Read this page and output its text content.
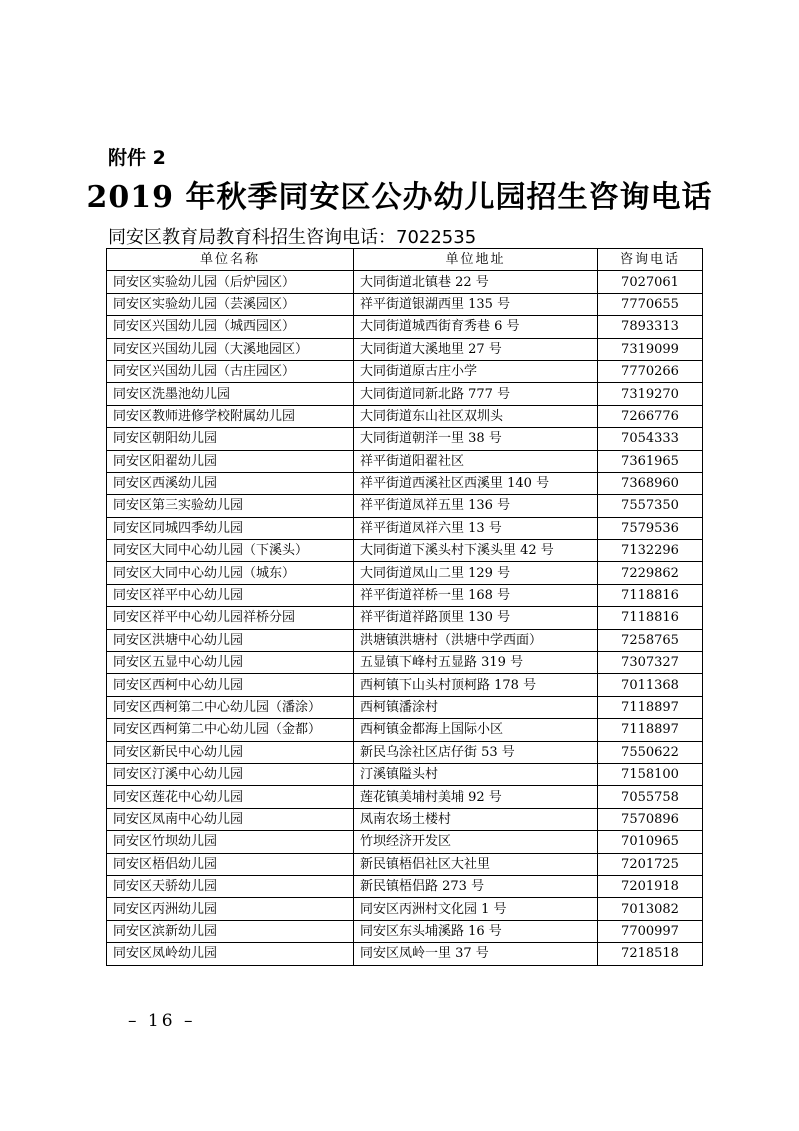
附件 2
2019 年秋季同安区公办幼儿园招生咨询电话
同安区教育局教育科招生咨询电话：7022535
单位名称	单位地址	咨询电话
同安区实验幼儿园（后炉园区）	大同街道北镇巷 22 号	7027061
同安区实验幼儿园（芸溪园区）	祥平街道银湖西里 135 号	7770655
同安区兴国幼儿园（城西园区）	大同街道城西街育秀巷 6 号	7893313
同安区兴国幼儿园（大溪地园区）	大同街道大溪地里 27 号	7319099
同安区兴国幼儿园（古庄园区）	大同街道原古庄小学	7770266
同安区洗墨池幼儿园	大同街道同新北路 777 号	7319270
同安区教师进修学校附属幼儿园	大同街道东山社区双圳头	7266776
同安区朝阳幼儿园	大同街道朝洋一里 38 号	7054333
同安区阳翟幼儿园	祥平街道阳翟社区	7361965
同安区西溪幼儿园	祥平街道西溪社区西溪里 140 号	7368960
同安区第三实验幼儿园	祥平街道凤祥五里 136 号	7557350
同安区同城四季幼儿园	祥平街道凤祥六里 13 号	7579536
同安区大同中心幼儿园（下溪头）	大同街道下溪头村下溪头里 42 号	7132296
同安区大同中心幼儿园（城东）	大同街道凤山二里 129 号	7229862
同安区祥平中心幼儿园	祥平街道祥桥一里 168 号	7118816
同安区祥平中心幼儿园祥桥分园	祥平街道祥路顶里 130 号	7118816
同安区洪塘中心幼儿园	洪塘镇洪塘村（洪塘中学西面）	7258765
同安区五显中心幼儿园	五显镇下峰村五显路 319 号	7307327
同安区西柯中心幼儿园	西柯镇下山头村顶柯路 178 号	7011368
同安区西柯第二中心幼儿园（潘涂）	西柯镇潘涂村	7118897
同安区西柯第二中心幼儿园（金都）	西柯镇金都海上国际小区	7118897
同安区新民中心幼儿园	新民乌涂社区店仔街 53 号	7550622
同安区汀溪中心幼儿园	汀溪镇隘头村	7158100
同安区莲花中心幼儿园	莲花镇美埔村美埔 92 号	7055758
同安区凤南中心幼儿园	凤南农场土楼村	7570896
同安区竹坝幼儿园	竹坝经济开发区	7010965
同安区梧侣幼儿园	新民镇梧侣社区大社里	7201725
同安区天骄幼儿园	新民镇梧侣路 273 号	7201918
同安区丙洲幼儿园	同安区丙洲村文化园 1 号	7013082
同安区滨新幼儿园	同安区东头埔溪路 16 号	7700997
同安区凤岭幼儿园	同安区凤岭一里 37 号	7218518
– 16 –
